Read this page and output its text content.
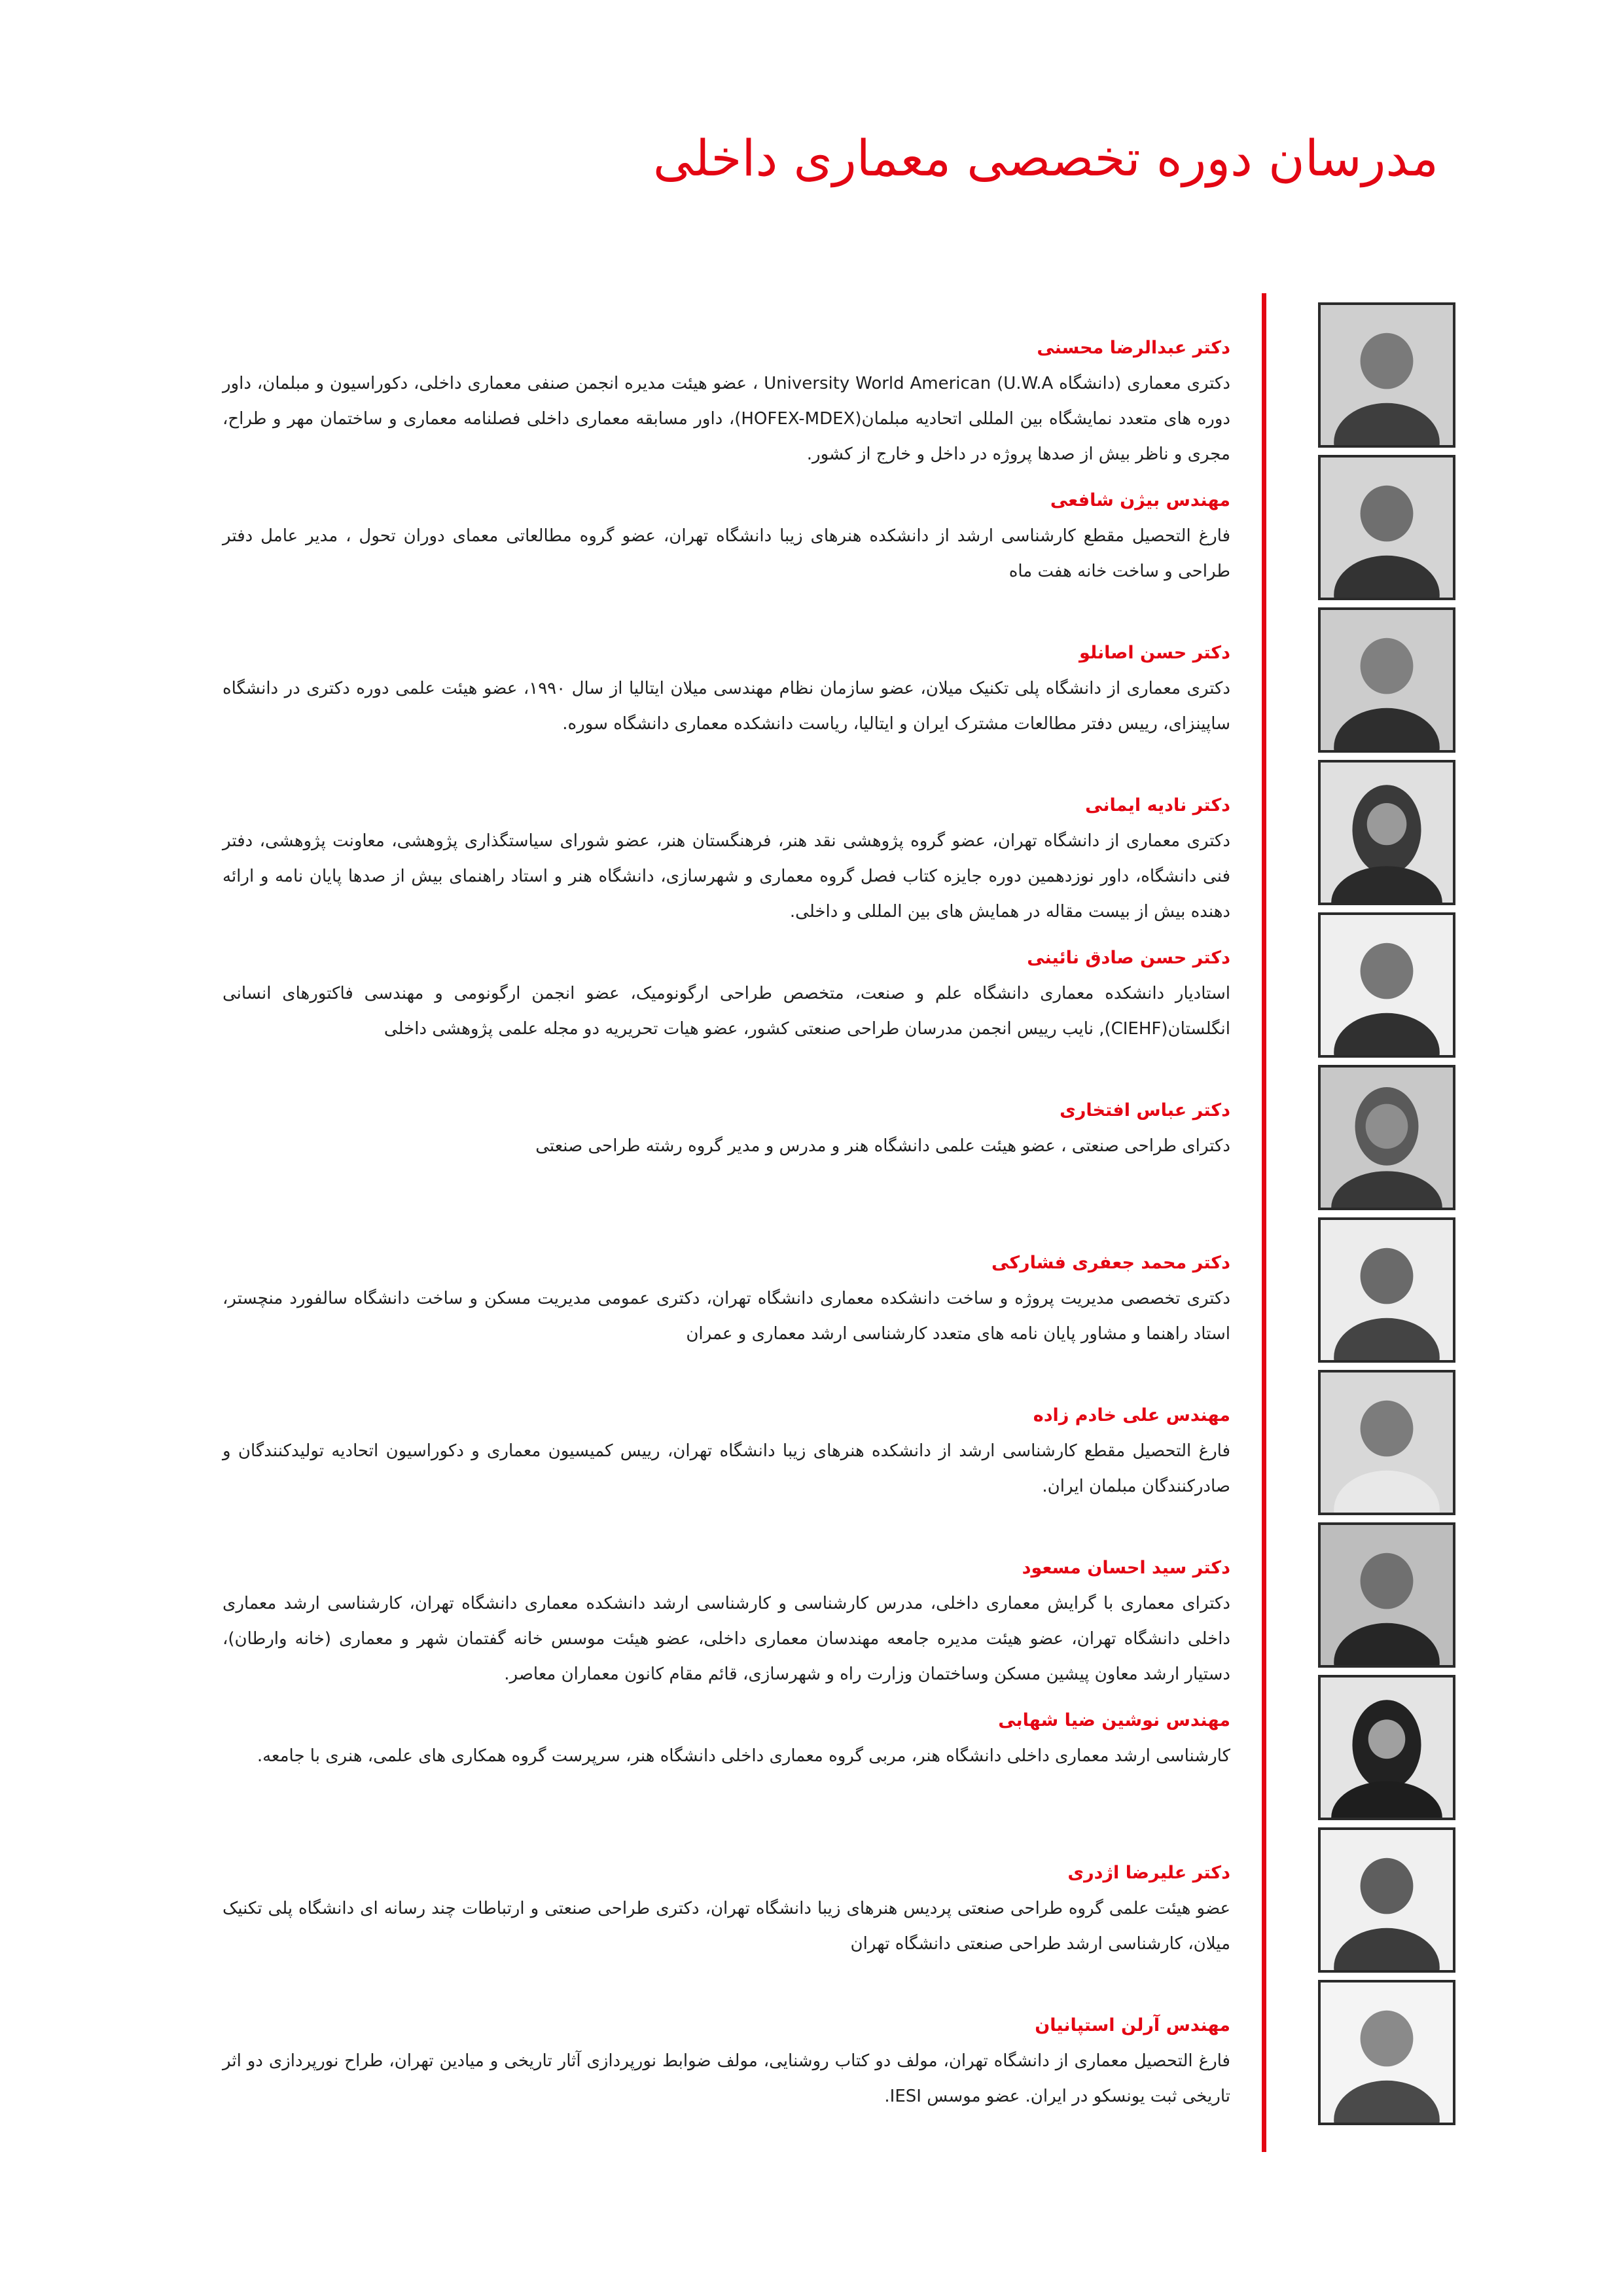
مدرسان دوره تخصصی معماری داخلی

دکتر عبدالرضا محسنی

دکتری معماری (دانشگاه University World American (U.W.A ، عضو هیئت مدیره انجمن صنفی معماری داخلی، دکوراسیون و مبلمان، داور دوره های متعدد نمایشگاه بین المللی اتحادیه مبلمان(HOFEX-MDEX)، داور مسابقه معماری داخلی فصلنامه معماری و ساختمان مهر و طراح، مجری و ناظر بیش از صدها پروژه در داخل و خارج از کشور.

مهندس بیژن شافعی

فارغ التحصیل مقطع کارشناسی ارشد از دانشکده هنرهای زیبا دانشگاه تهران، عضو گروه مطالعاتی معمای دوران تحول ، مدیر عامل دفتر طراحی و ساخت خانه هفت ماه

دکتر حسن اصانلو

دکتری معماری از دانشگاه پلی تکنیک میلان، عضو سازمان نظام مهندسی میلان ایتالیا از سال ۱۹۹۰، عضو هیئت علمی دوره دکتری در دانشگاه ساپینزای، رییس دفتر مطالعات مشترک ایران و ایتالیا، ریاست دانشکده معماری دانشگاه سوره.

دکتر نادیه ایمانی

دکتری معماری از دانشگاه تهران، عضو گروه پژوهشی نقد هنر، فرهنگستان هنر، عضو شورای سیاستگذاری پژوهشی، معاونت پژوهشی، دفتر فنی دانشگاه، داور نوزدهمین دوره جایزه کتاب فصل گروه معماری و شهرسازی، دانشگاه هنر و استاد راهنمای بیش از صدها پایان نامه و ارائه دهنده بیش از بیست مقاله در همایش های بین المللی و داخلی.

دکتر حسن صادق نائینی

استادیار دانشکده معماری دانشگاه علم و صنعت، متخصص طراحی ارگونومیک، عضو انجمن ارگونومی و مهندسی فاکتورهای انسانی انگلستان(CIEHF), نایب رییس انجمن مدرسان طراحی صنعتی کشور، عضو هیات تحریریه دو مجله علمی پژوهشی داخلی

دکتر عباس افتخاری

دکترای طراحی صنعتی ، عضو هیئت علمی دانشگاه هنر و مدرس و مدیر گروه رشته طراحی صنعتی

دکتر محمد جعفری فشارکی

دکتری تخصصی مدیریت پروژه و ساخت دانشکده معماری دانشگاه تهران، دکتری عمومی مدیریت مسکن و ساخت دانشگاه سالفورد منچستر، استاد راهنما و مشاور پایان نامه های متعدد کارشناسی ارشد معماری و عمران

مهندس علی خادم زاده

فارغ التحصیل مقطع کارشناسی ارشد از دانشکده هنرهای زیبا دانشگاه تهران، رییس کمیسیون معماری و دکوراسیون اتحادیه تولیدکنندگان و صادرکنندگان مبلمان ایران.

دکتر سید احسان مسعود

دکترای معماری با گرایش معماری داخلی، مدرس کارشناسی و کارشناسی ارشد دانشکده معماری دانشگاه تهران، کارشناسی ارشد معماری داخلی دانشگاه تهران، عضو هیئت مدیره جامعه مهندسان معماری داخلی، عضو هیئت موسس خانه گفتمان شهر و معماری (خانه وارطان)، دستیار ارشد معاون پیشین مسکن وساختمان وزارت راه و شهرسازی، قائم مقام کانون معماران معاصر.

مهندس نوشین ضیا شهابی

کارشناسی ارشد معماری داخلی دانشگاه هنر، مربی گروه معماری داخلی دانشگاه هنر، سرپرست گروه همکاری های علمی، هنری با جامعه.

دکتر علیرضا اژدری

عضو هیئت علمی گروه طراحی صنعتی پردیس هنرهای زیبا دانشگاه تهران، دکتری طراحی صنعتی و ارتباطات چند رسانه ای دانشگاه پلی تکنیک میلان، کارشناسی ارشد طراحی صنعتی دانشگاه تهران

مهندس آرلن استپانیان

فارغ التحصیل معماری از دانشگاه تهران، مولف دو کتاب روشنایی، مولف ضوابط نورپردازی آثار تاریخی و میادین تهران، طراح نورپردازی دو اثر تاریخی ثبت یونسکو در ایران. عضو موسس IESI.
